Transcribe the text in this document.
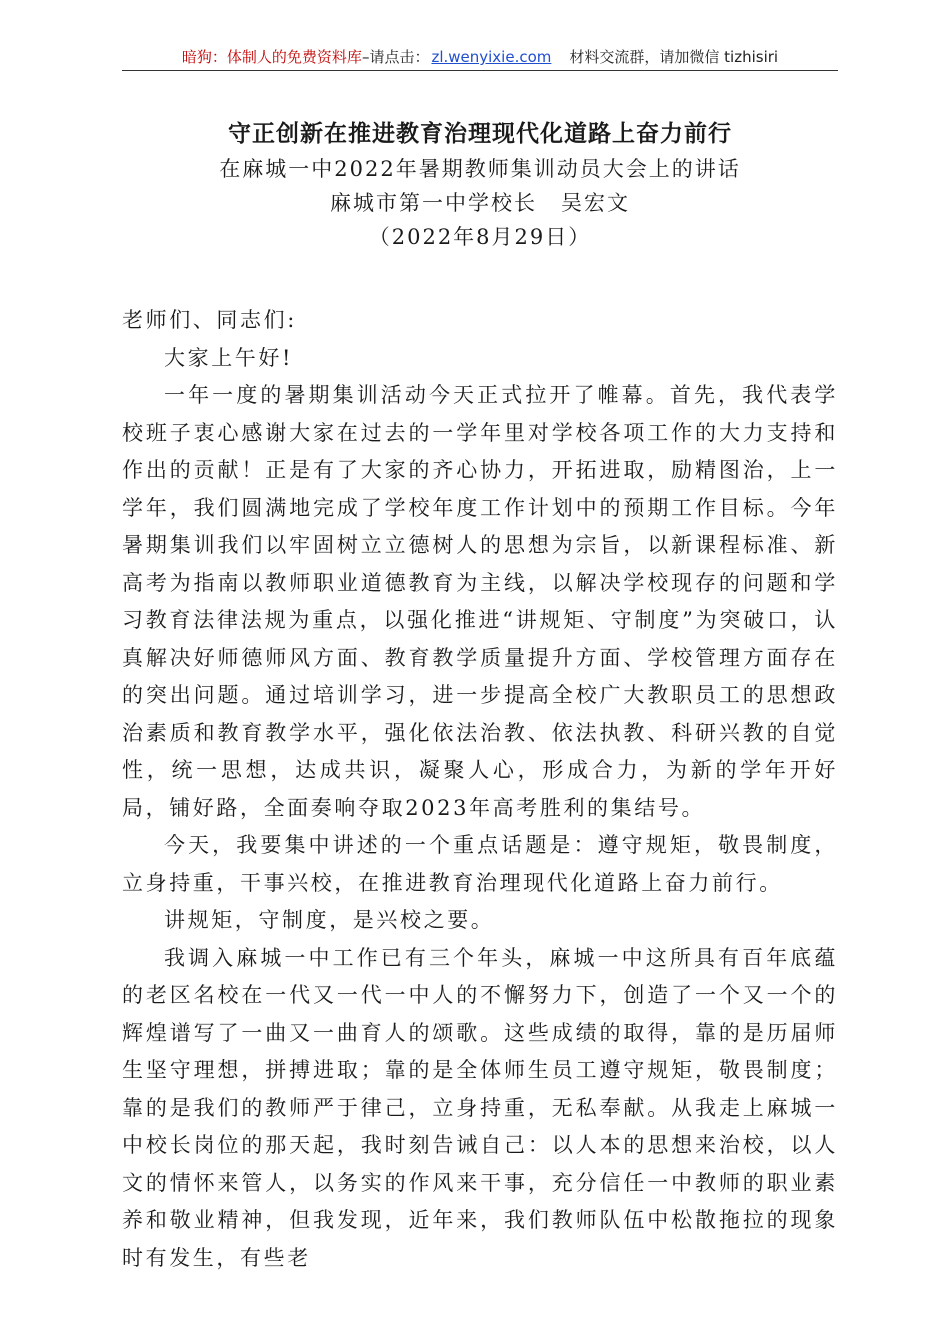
暗狗：体制人的免费资料库–请点击： zl.wenyixie.com 材料交流群，请加微信 tizhisiri

守正创新在推进教育治理现代化道路上奋力前行

在麻城一中2022年暑期教师集训动员大会上的讲话

麻城市第一中学校长 吴宏文

（2022年8月29日）

老师们、同志们:

大家上午好!

一年一度的暑期集训活动今天正式拉开了帷幕。首先，我代表学校班子衷心感谢大家在过去的一学年里对学校各项工作的大力支持和作出的贡献！正是有了大家的齐心协力，开拓进取，励精图治，上一学年，我们圆满地完成了学校年度工作计划中的预期工作目标。今年暑期集训我们以牢固树立立德树人的思想为宗旨，以新课程标准、新高考为指南以教师职业道德教育为主线，以解决学校现存的问题和学习教育法律法规为重点，以强化推进“讲规矩、守制度”为突破口，认真解决好师德师风方面、教育教学质量提升方面、学校管理方面存在的突出问题。通过培训学习，进一步提高全校广大教职员工的思想政治素质和教育教学水平，强化依法治教、依法执教、科研兴教的自觉性，统一思想，达成共识，凝聚人心，形成合力，为新的学年开好局，铺好路，全面奏响夺取2023年高考胜利的集结号。

今天，我要集中讲述的一个重点话题是：遵守规矩，敬畏制度，立身持重，干事兴校，在推进教育治理现代化道路上奋力前行。

讲规矩，守制度，是兴校之要。

我调入麻城一中工作已有三个年头，麻城一中这所具有百年底蕴的老区名校在一代又一代一中人的不懈努力下，创造了一个又一个的辉煌谱写了一曲又一曲育人的颂歌。这些成绩的取得，靠的是历届师生坚守理想，拼搏进取；靠的是全体师生员工遵守规矩，敬畏制度；靠的是我们的教师严于律己，立身持重，无私奉献。从我走上麻城一中校长岗位的那天起，我时刻告诫自己：以人本的思想来治校，以人文的情怀来管人，以务实的作风来干事，充分信任一中教师的职业素养和敬业精神，但我发现，近年来，我们教师队伍中松散拖拉的现象时有发生，有些老
